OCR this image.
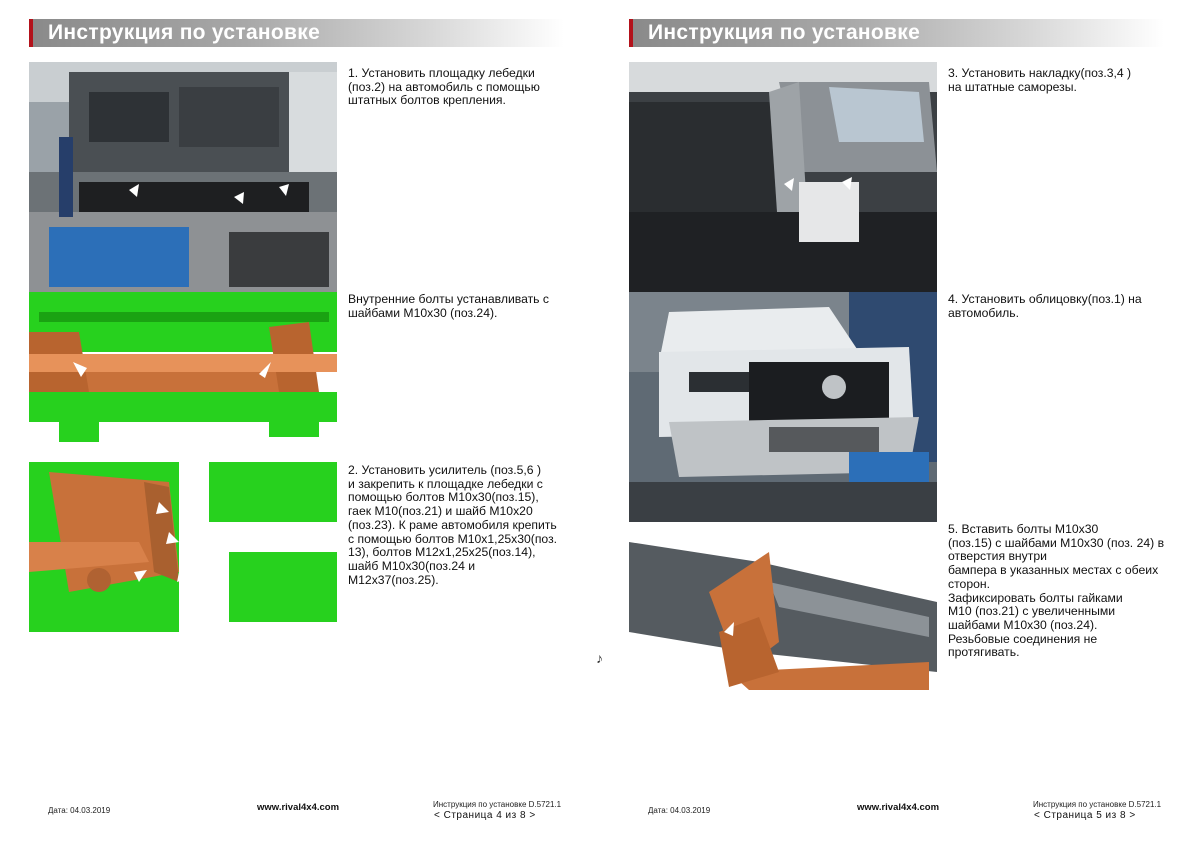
Инструкция по установке
1. Установить площадку лебедки
(поз.2) на автомобиль с помощью
штатных болтов крепления.
Внутренние болты устанавливать с
шайбами M10x30 (поз.24).
2. Установить усилитель (поз.5,6 )
и закрепить к площадке лебедки с
помощью болтов M10x30(поз.15),
гаек M10(поз.21) и шайб M10x20
(поз.23). К раме автомобиля крепить
с помощью болтов M10x1,25x30(поз.
13), болтов M12x1,25x25(поз.14),
шайб M10x30(поз.24 и
M12x37(поз.25).
Дата: 04.03.2019	www.rival4x4.com	Инструкция по установке D.5721.1
< Страница 4 из 8 >
♪
Инструкция по установке
3. Установить накладку(поз.3,4 )
на штатные саморезы.
4. Установить облицовку(поз.1) на
автомобиль.
5. Вставить болты M10x30
(поз.15) с шайбами M10x30 (поз. 24) в
отверстия внутри
бампера в указанных местах с обеих
сторон.
Зафиксировать болты гайками
M10 (поз.21) с увеличенными
шайбами M10x30 (поз.24).
Резьбовые соединения не
протягивать.
Дата: 04.03.2019	www.rival4x4.com	Инструкция по установке D.5721.1
< Страница 5 из 8 >
